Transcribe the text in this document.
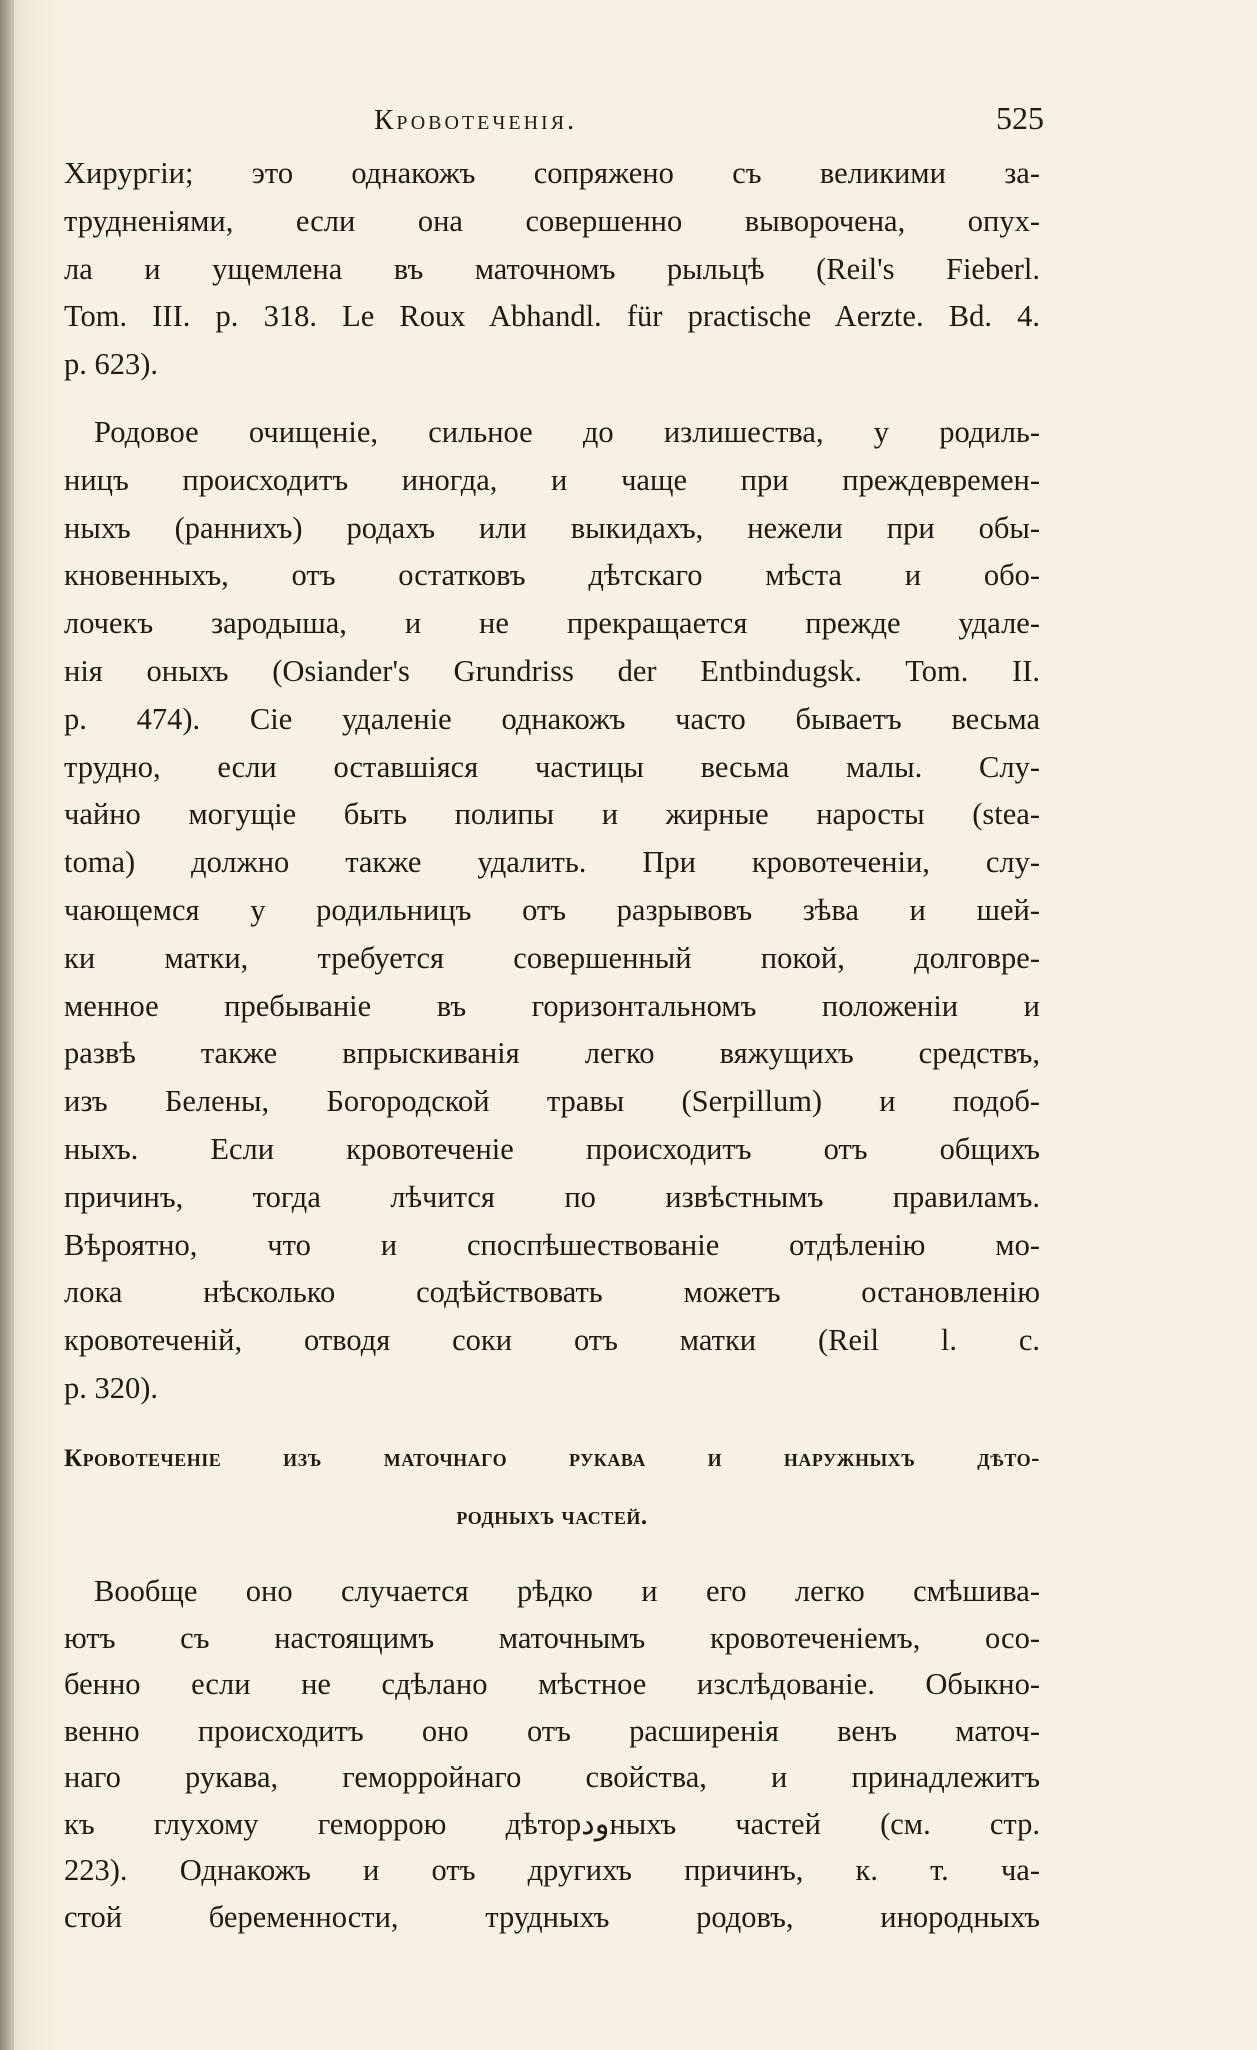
Кровотеченiя.	525
Хирургiи; это однакожъ сопряжено съ великими за-
трудненiями, если она совершенно выворочена, опух-
ла и ущемлена въ маточномъ рыльцѣ (Reil's Fieberl.
Tom. III. p. 318. Le Roux Abhandl. für practische Aerzte. Bd. 4.
p. 623).
Родовое очищенiе, сильное до излишества, у родиль-
ницъ происходитъ иногда, и чаще при преждевремен-
ныхъ (раннихъ) родахъ или выкидахъ, нежели при обы-
кновенныхъ, отъ остатковъ дѣтскаго мѣста и обо-
лочекъ зародыша, и не прекращается прежде удале-
нiя оныхъ (Osiander's Grundriss der Entbindugsk. Tom. II.
p. 474). Сiе удаленiе однакожъ часто бываетъ весьма
трудно, если оставшiяся частицы весьма малы. Слу-
чайно могущiе быть полипы и жирные наросты (stea-
toma) должно также удалить. При кровотеченiи, слу-
чающемся у родильницъ отъ разрывовъ зѣва и шей-
ки матки, требуется совершенный покой, долговре-
менное пребыванiе въ горизонтальномъ положенiи и
развѣ также впрыскиванiя легко вяжущихъ средствъ,
изъ Белены, Богородской травы (Serpillum) и подоб-
ныхъ. Если кровотеченiе происходитъ отъ общихъ
причинъ, тогда лѣчится по извѣстнымъ правиламъ.
Вѣроятно, что и споспѣшествованiе отдѣленiю мо-
лока нѣсколько содѣйствовать можетъ остановленiю
кровотеченiй, отводя соки отъ матки (Reil l. c.
p. 320).
Кровотеченiе изъ маточнаго рукава и наружныхъ дѣто-
родныхъ частей.
Вообще оно случается рѣдко и его легко смѣшива-
ютъ съ настоящимъ маточнымъ кровотеченiемъ, осо-
бенно если не сдѣлано мѣстное изслѣдованiе. Обыкно-
венно происходитъ оно отъ расширенiя венъ маточ-
наго рукава, геморройнаго свойства, и принадлежитъ
къ глухому геморрою дѣторودныхъ частей (см. стр.
223). Однакожъ и отъ другихъ причинъ, к. т. ча-
стой беременности, трудныхъ родовъ, инородныхъ
